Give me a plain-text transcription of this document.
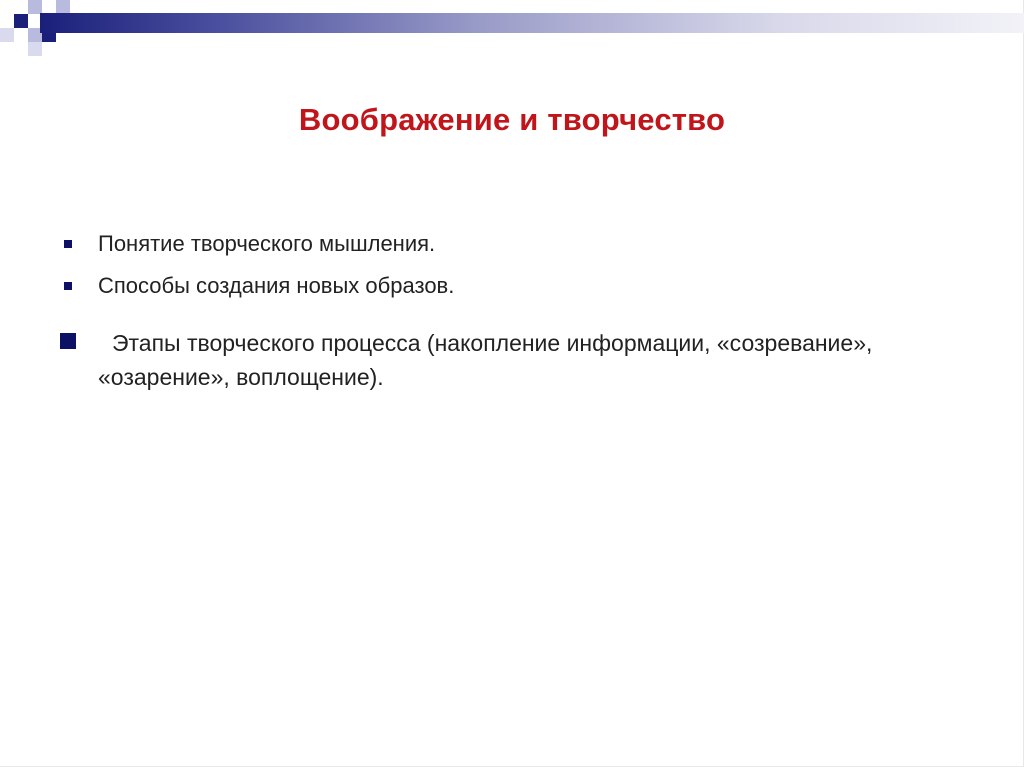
Воображение и творчество
Понятие творческого мышления.
Способы создания новых образов.
Этапы творческого процесса (накопление информации, «созревание», «озарение», воплощение).
